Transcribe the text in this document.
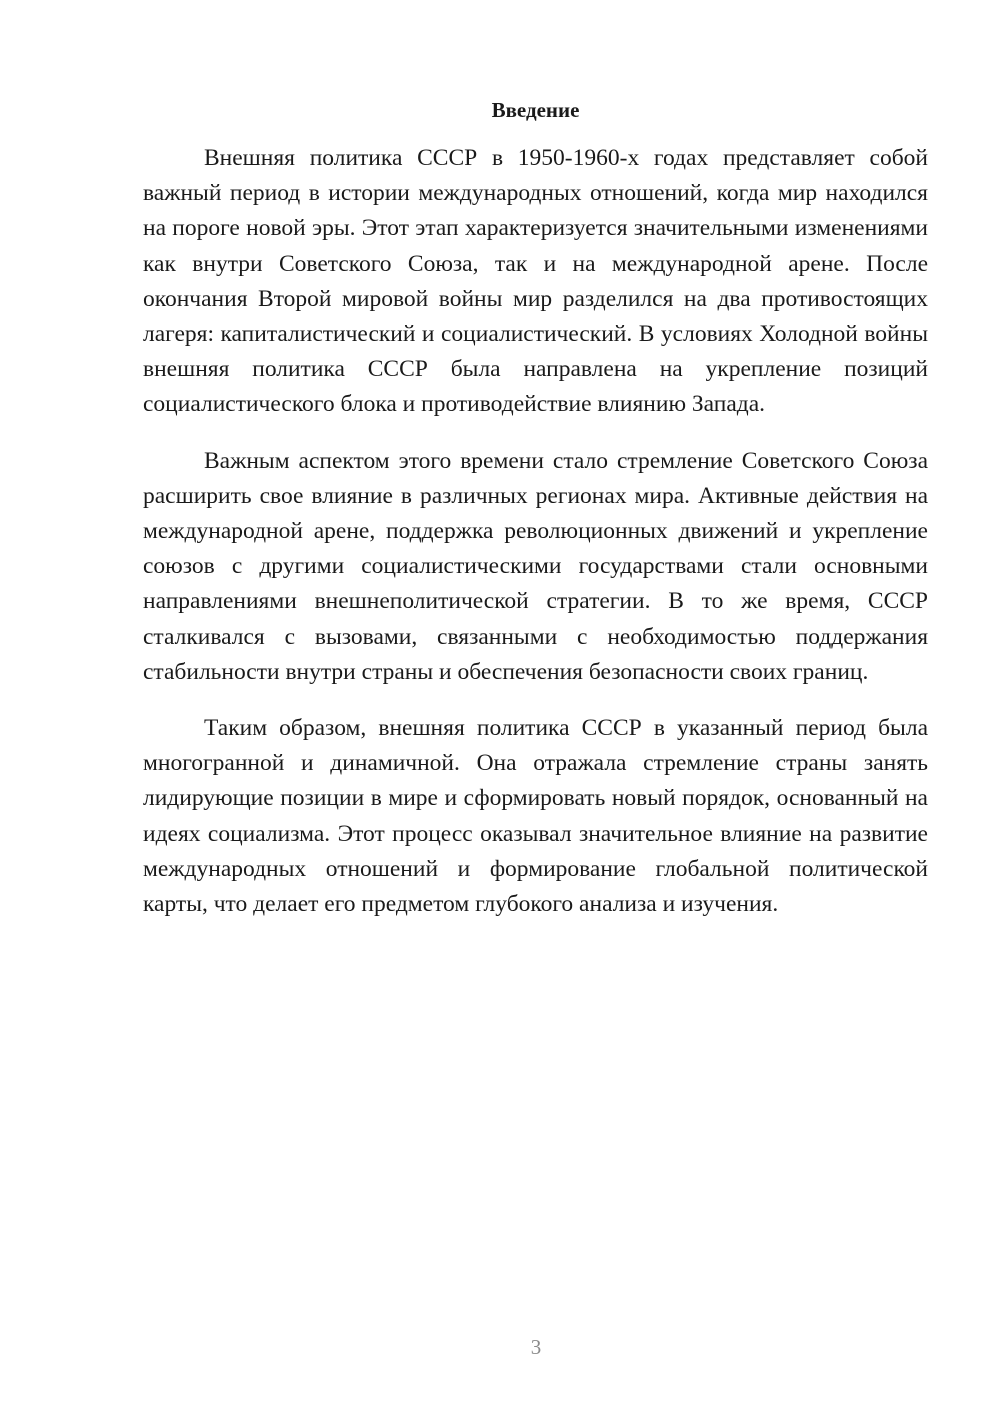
Введение

Внешняя политика СССР в 1950-1960-х годах представляет собой важный период в истории международных отношений, когда мир находился на пороге новой эры. Этот этап характеризуется значительными изменениями как внутри Советского Союза, так и на международной арене. После окончания Второй мировой войны мир разделился на два противостоящих лагеря: капиталистический и социалистический. В условиях Холодной войны внешняя политика СССР была направлена на укрепление позиций социалистического блока и противодействие влиянию Запада.

Важным аспектом этого времени стало стремление Советского Союза расширить свое влияние в различных регионах мира. Активные действия на международной арене, поддержка революционных движений и укрепление союзов с другими социалистическими государствами стали основными направлениями внешнеполитической стратегии. В то же время, СССР сталкивался с вызовами, связанными с необходимостью поддержания стабильности внутри страны и обеспечения безопасности своих границ.

Таким образом, внешняя политика СССР в указанный период была многогранной и динамичной. Она отражала стремление страны занять лидирующие позиции в мире и сформировать новый порядок, основанный на идеях социализма. Этот процесс оказывал значительное влияние на развитие международных отношений и формирование глобальной политической карты, что делает его предметом глубокого анализа и изучения.

3
